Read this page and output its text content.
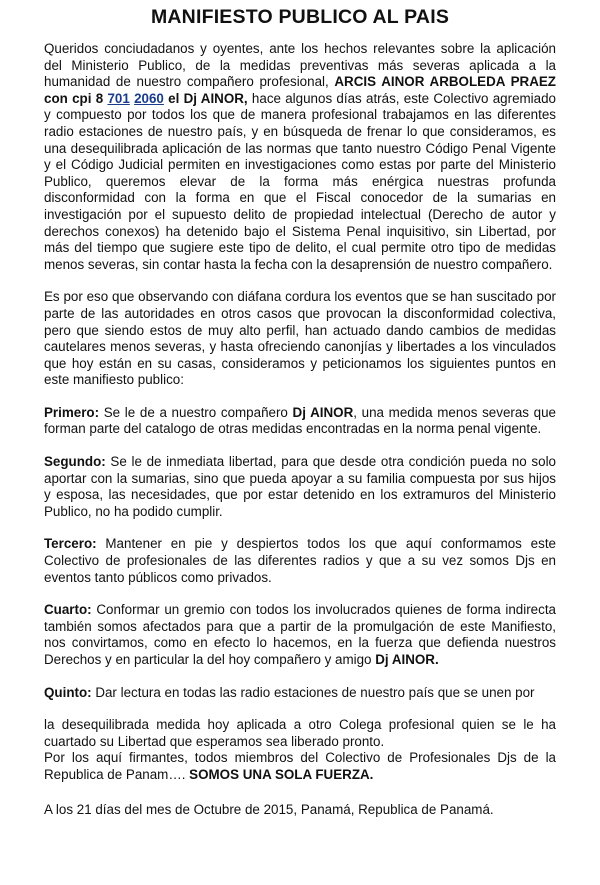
MANIFIESTO PUBLICO AL PAIS

Queridos conciudadanos y oyentes, ante los hechos relevantes sobre la aplicación del Ministerio Publico, de la medidas preventivas más severas aplicada a la humanidad de nuestro compañero profesional, ARCIS AINOR ARBOLEDA PRAEZ con cpi 8 701 2060 el Dj AINOR, hace algunos días atrás, este Colectivo agremiado y compuesto por todos los que de manera profesional trabajamos en las diferentes radio estaciones de nuestro país, y en búsqueda de frenar lo que consideramos, es una desequilibrada aplicación de las normas que tanto nuestro Código Penal Vigente y el Código Judicial permiten en investigaciones como estas por parte del Ministerio Publico, queremos elevar de la forma más enérgica nuestras profunda disconformidad con la forma en que el Fiscal conocedor de la sumarias en investigación por el supuesto delito de propiedad intelectual (Derecho de autor y derechos conexos) ha detenido bajo el Sistema Penal inquisitivo, sin Libertad, por más del tiempo que sugiere este tipo de delito, el cual permite otro tipo de medidas menos severas, sin contar hasta la fecha con la desaprensión de nuestro compañero.

Es por eso que observando con diáfana cordura los eventos que se han suscitado por parte de las autoridades en otros casos que provocan la disconformidad colectiva, pero que siendo estos de muy alto perfil, han actuado dando cambios de medidas cautelares menos severas, y hasta ofreciendo canonjías y libertades a los vinculados que hoy están en su casas, consideramos y peticionamos los siguientes puntos en este manifiesto publico:

Primero: Se le de a nuestro compañero Dj AINOR, una medida menos severas que forman parte del catalogo de otras medidas encontradas en la norma penal vigente.

Segundo: Se le de inmediata libertad, para que desde otra condición pueda no solo aportar con la sumarias, sino que pueda apoyar a su familia compuesta por sus hijos y esposa, las necesidades, que por estar detenido en los extramuros del Ministerio Publico, no ha podido cumplir.

Tercero: Mantener en pie y despiertos todos los que aquí conformamos este Colectivo de profesionales de las diferentes radios y que a su vez somos Djs en eventos tanto públicos como privados.

Cuarto: Conformar un gremio con todos los involucrados quienes de forma indirecta también somos afectados para que a partir de la promulgación de este Manifiesto, nos convirtamos, como en efecto lo hacemos, en la fuerza que defienda nuestros Derechos y en particular la del hoy compañero y amigo Dj AINOR.

Quinto: Dar lectura en todas las radio estaciones de nuestro país que se unen por

la desequilibrada medida hoy aplicada a otro Colega profesional quien se le ha cuartado su Libertad que esperamos sea liberado pronto.

Por los aquí firmantes, todos miembros del Colectivo de Profesionales Djs de la Republica de Panam…. SOMOS UNA SOLA FUERZA.

A los 21 días del mes de Octubre de 2015, Panamá, Republica de Panamá.
